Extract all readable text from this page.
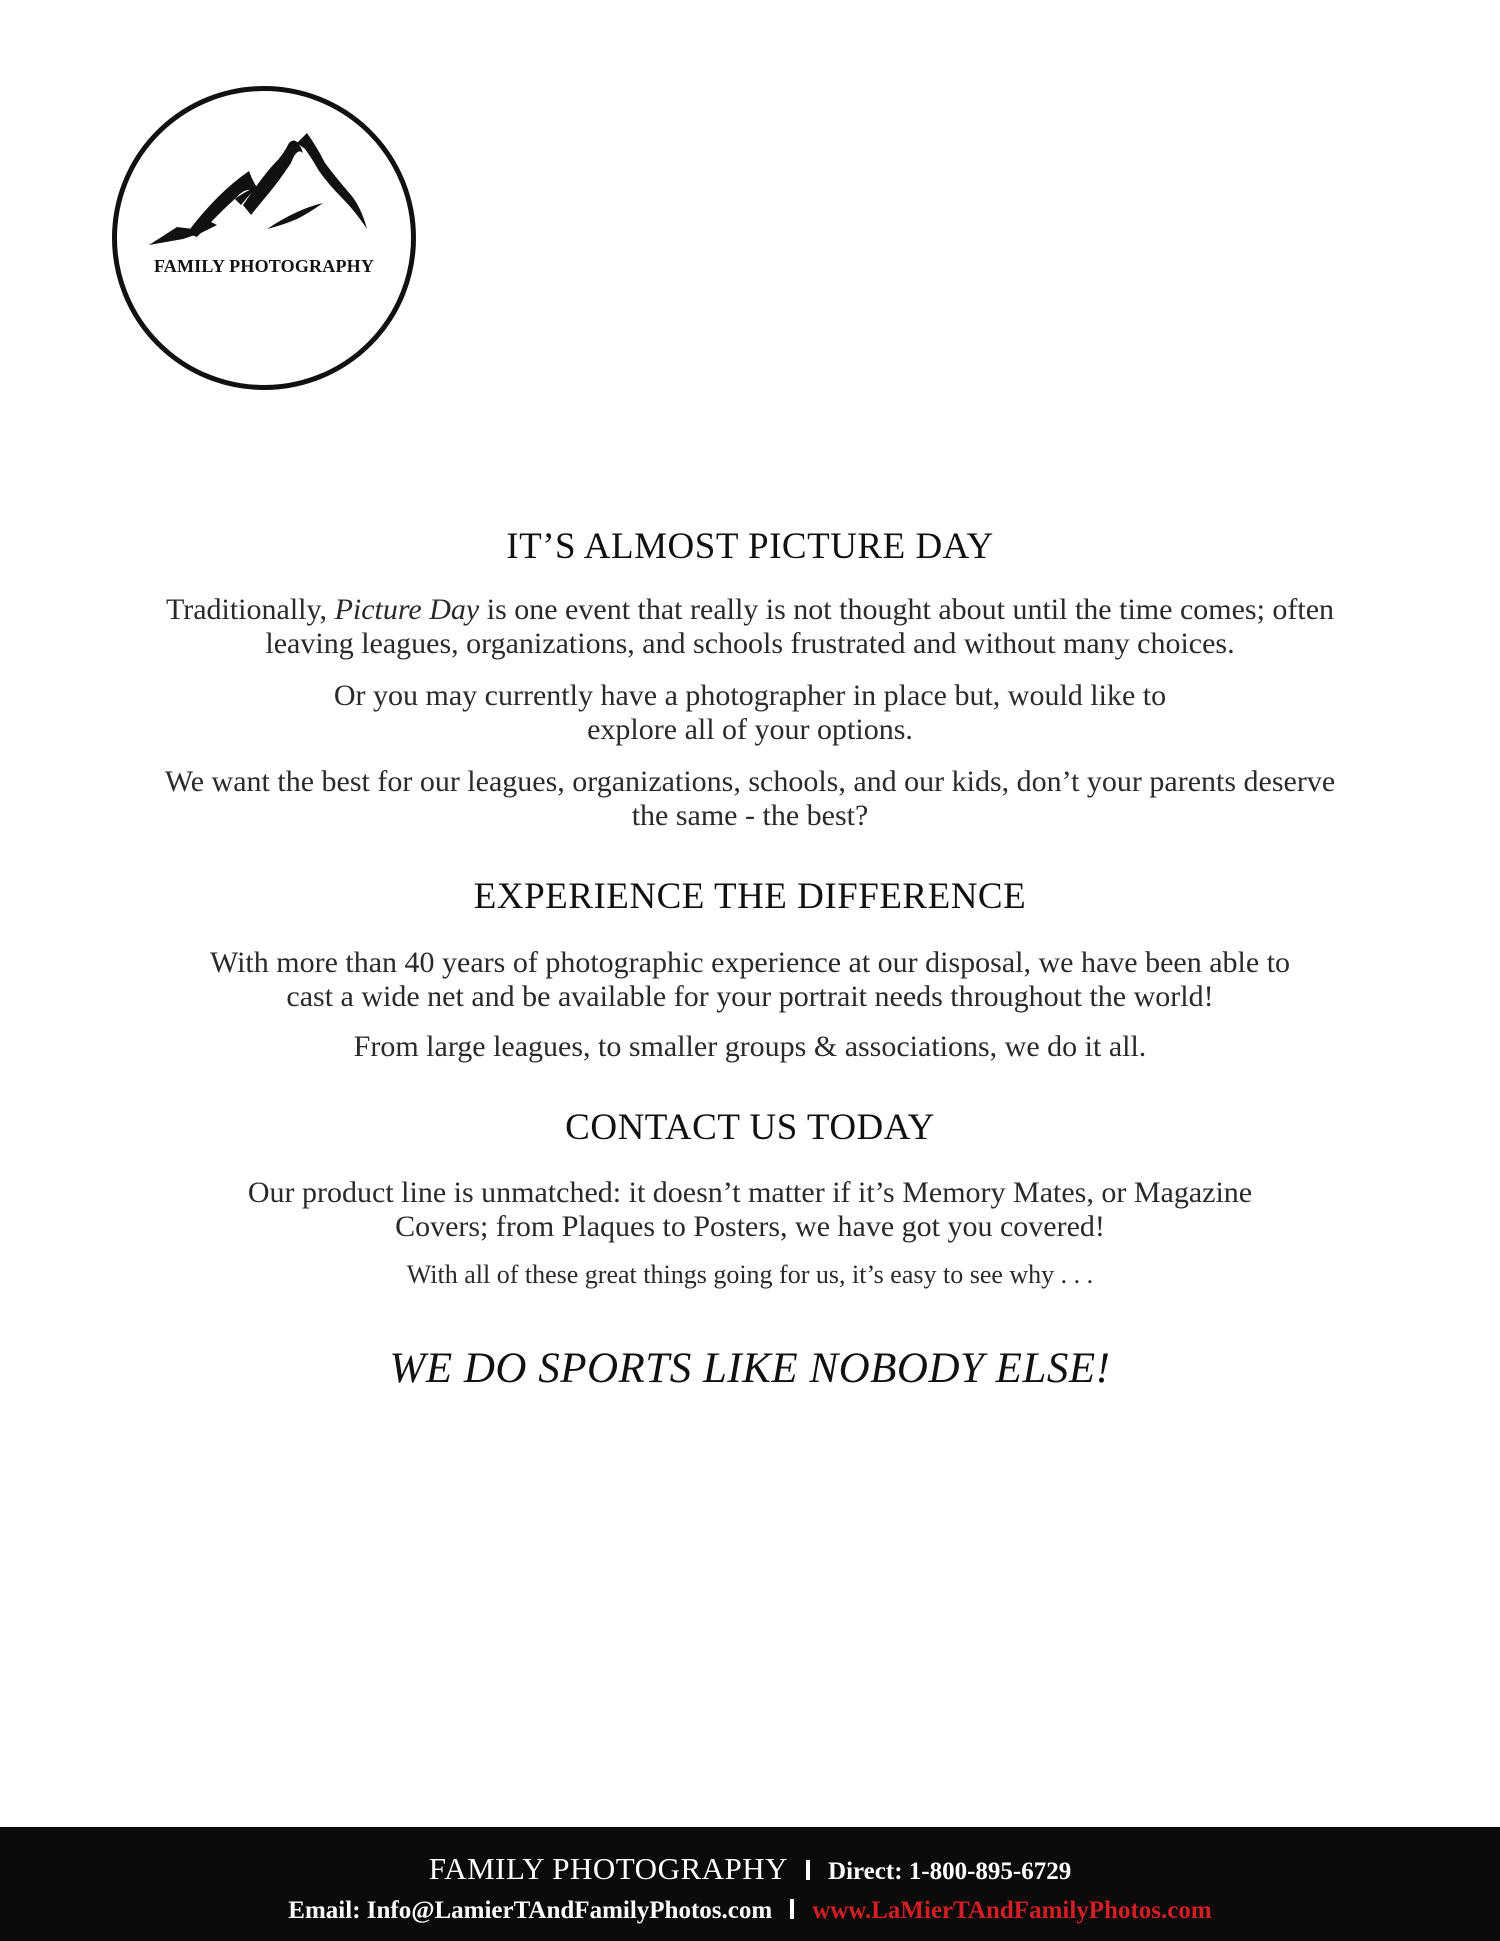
FAMILY PHOTOGRAPHY
IT’S ALMOST PICTURE DAY

Traditionally, Picture Day is one event that really is not thought about until the time comes; often leaving leagues, organizations, and schools frustrated and without many choices.

Or you may currently have a photographer in place but, would like to explore all of your options.

We want the best for our leagues, organizations, schools, and our kids, don’t your parents deserve the same - the best?

EXPERIENCE THE DIFFERENCE

With more than 40 years of photographic experience at our disposal, we have been able to cast a wide net and be available for your portrait needs throughout the world!

From large leagues, to smaller groups & associations, we do it all.

CONTACT US TODAY

Our product line is unmatched: it doesn’t matter if it’s Memory Mates, or Magazine Covers; from Plaques to Posters, we have got you covered!

With all of these great things going for us, it’s easy to see why . . .

WE DO SPORTS LIKE NOBODY ELSE!
FAMILY PHOTOGRAPHY Direct: 1-800-895-6729
Email: Info@LamierTAndFamilyPhotos.com www.LaMierTAndFamilyPhotos.com
